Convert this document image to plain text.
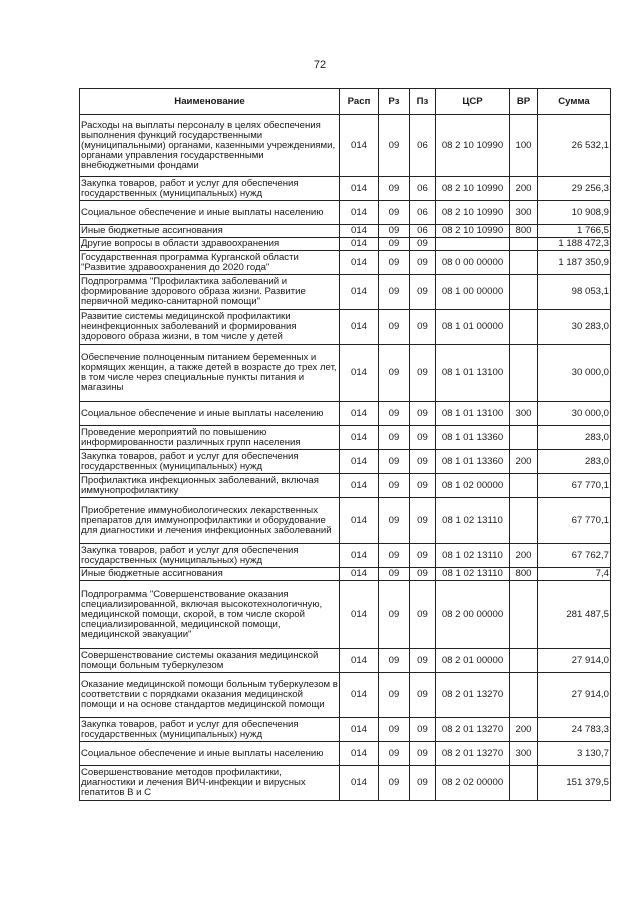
72
Наименование	Расп	Рз	Пз	ЦСР	ВР	Сумма
Расходы на выплаты персоналу в целях обеспечения выполнения функций государственными (муниципальными) органами, казенными учреждениями, органами управления государственными внебюджетными фондами	014	09	06	08 2 10 10990	100	26 532,1
Закупка товаров, работ и услуг для обеспечения государственных (муниципальных) нужд	014	09	06	08 2 10 10990	200	29 256,3
Социальное обеспечение и иные выплаты населению	014	09	06	08 2 10 10990	300	10 908,9
Иные бюджетные ассигнования	014	09	06	08 2 10 10990	800	1 766,5
Другие вопросы в области здравоохранения	014	09	09			1 188 472,3
Государственная программа Курганской области "Развитие здравоохранения до 2020 года"	014	09	09	08 0 00 00000		1 187 350,9
Подпрограмма "Профилактика заболеваний и формирование здорового образа жизни. Развитие первичной медико-санитарной помощи"	014	09	09	08 1 00 00000		98 053,1
Развитие системы медицинской профилактики неинфекционных заболеваний и формирования здорового образа жизни, в том числе у детей	014	09	09	08 1 01 00000		30 283,0
Обеспечение полноценным питанием беременных и кормящих женщин, а также детей в возрасте до трех лет, в том числе через специальные пункты питания и магазины	014	09	09	08 1 01 13100		30 000,0
Социальное обеспечение и иные выплаты населению	014	09	09	08 1 01 13100	300	30 000,0
Проведение мероприятий по повышению информированности различных групп населения	014	09	09	08 1 01 13360		283,0
Закупка товаров, работ и услуг для обеспечения государственных (муниципальных) нужд	014	09	09	08 1 01 13360	200	283,0
Профилактика инфекционных заболеваний, включая иммунопрофилактику	014	09	09	08 1 02 00000		67 770,1
Приобретение иммунобиологических лекарственных препаратов для иммунопрофилактики и оборудование для диагностики и лечения инфекционных заболеваний	014	09	09	08 1 02 13110		67 770,1
Закупка товаров, работ и услуг для обеспечения государственных (муниципальных) нужд	014	09	09	08 1 02 13110	200	67 762,7
Иные бюджетные ассигнования	014	09	09	08 1 02 13110	800	7,4
Подпрограмма "Совершенствование оказания специализированной, включая высокотехнологичную, медицинской помощи, скорой, в том числе скорой специализированной, медицинской помощи, медицинской эвакуации"	014	09	09	08 2 00 00000		281 487,5
Совершенствование системы оказания медицинской помощи больным туберкулезом	014	09	09	08 2 01 00000		27 914,0
Оказание медицинской помощи больным туберкулезом в соответствии с порядками оказания медицинской помощи и на основе стандартов медицинской помощи	014	09	09	08 2 01 13270		27 914,0
Закупка товаров, работ и услуг для обеспечения государственных (муниципальных) нужд	014	09	09	08 2 01 13270	200	24 783,3
Социальное обеспечение и иные выплаты населению	014	09	09	08 2 01 13270	300	3 130,7
Совершенствование методов профилактики, диагностики и лечения ВИЧ-инфекции и вирусных гепатитов В и С	014	09	09	08 2 02 00000		151 379,5
